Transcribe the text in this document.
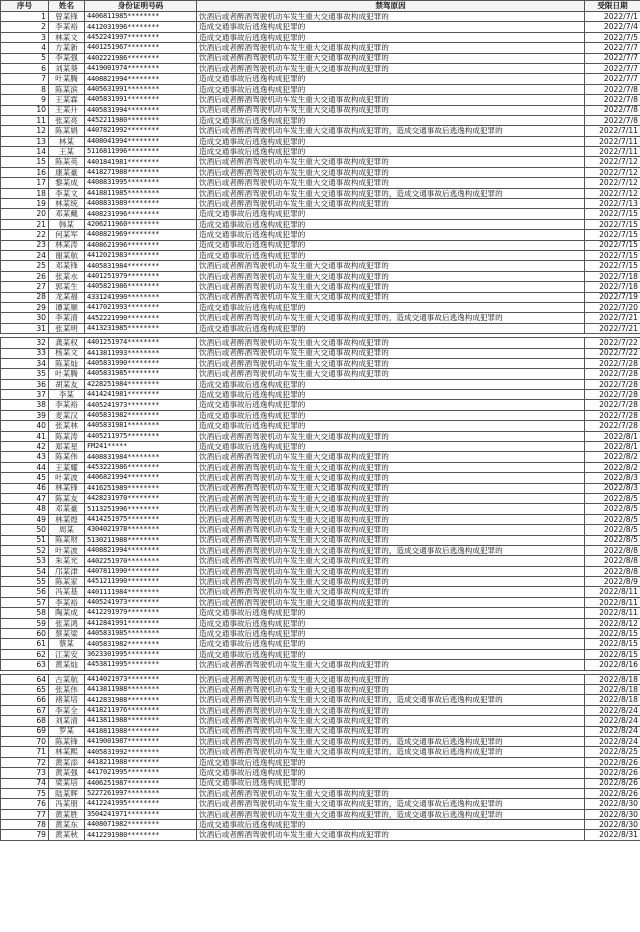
序号	姓名	身份证明号码	禁驾原因	受限日期
1	曾某锋	4406811985********	饮酒后或者醉酒驾驶机动车发生重大交通事故构成犯罪的	2022/7/1
2	李某裕	4412031996********	造成交通事故后逃逸构成犯罪的	2022/7/4
3	林某文	4452241997********	造成交通事故后逃逸构成犯罪的	2022/7/5
4	方某新	4401251967********	饮酒后或者醉酒驾驶机动车发生重大交通事故构成犯罪的	2022/7/7
5	李某强	4402221986********	饮酒后或者醉酒驾驶机动车发生重大交通事故构成犯罪的	2022/7/7
6	刘某葵	4419001974********	饮酒后或者醉酒驾驶机动车发生重大交通事故构成犯罪的	2022/7/7
7	叶某腾	4408821994********	造成交通事故后逃逸构成犯罪的	2022/7/7
8	陈某滨	4405631991********	造成交通事故后逃逸构成犯罪的	2022/7/8
9	王某霖	4405831991********	饮酒后或者醉酒驾驶机动车发生重大交通事故构成犯罪的	2022/7/8
10	王某升	4405831994********	饮酒后或者醉酒驾驶机动车发生重大交通事故构成犯罪的	2022/7/8
11	张某亮	4452211980********	造成交通事故后逃逸构成犯罪的	2022/7/8
12	陈某娟	4407821992********	饮酒后或者醉酒驾驶机动车发生重大交通事故构成犯罪的，造成交通事故后逃逸构成犯罪的	2022/7/11
13	林某	4408041994********	造成交通事故后逃逸构成犯罪的	2022/7/11
14	王某	5116811996********	造成交通事故后逃逸构成犯罪的	2022/7/11
15	陈某英	4401841981********	饮酒后或者醉酒驾驶机动车发生重大交通事故构成犯罪的	2022/7/12
16	康某豪	4418271988********	饮酒后或者醉酒驾驶机动车发生重大交通事故构成犯罪的	2022/7/12
17	黎某成	4408831995********	饮酒后或者醉酒驾驶机动车发生重大交通事故构成犯罪的	2022/7/12
18	李某文	4418811985********	饮酒后或者醉酒驾驶机动车发生重大交通事故构成犯罪的，造成交通事故后逃逸构成犯罪的	2022/7/12
19	林某统	4408831989********	饮酒后或者醉酒驾驶机动车发生重大交通事故构成犯罪的	2022/7/13
20	邓某戴	4408231996********	造成交通事故后逃逸构成犯罪的	2022/7/15
21	韩某	4206211960********	造成交通事故后逃逸构成犯罪的	2022/7/15
22	何某军	4408821969********	造成交通事故后逃逸构成犯罪的	2022/7/15
23	林某涛	4408621996********	造成交通事故后逃逸构成犯罪的	2022/7/15
24	谢某航	4412021983********	造成交通事故后逃逸构成犯罪的	2022/7/15
25	邓某锋	4405831984********	饮酒后或者醉酒驾驶机动车发生重大交通事故构成犯罪的	2022/7/15
26	张某水	4401251979********	饮酒后或者醉酒驾驶机动车发生重大交通事故构成犯罪的	2022/7/18
27	郭某生	4405821986********	饮酒后或者醉酒驾驶机动车发生重大交通事故构成犯罪的	2022/7/18
28	龙某福	4331241990********	饮酒后或者醉酒驾驶机动车发生重大交通事故构成犯罪的	2022/7/19
29	谭某顺	4417021993********	造成交通事故后逃逸构成犯罪的	2022/7/20
30	李某清	4452221990********	饮酒后或者醉酒驾驶机动车发生重大交通事故构成犯罪的，造成交通事故后逃逸构成犯罪的	2022/7/21
31	张某明	4413231985********	造成交通事故后逃逸构成犯罪的	2022/7/21

32	龚某权	4401251974********	饮酒后或者醉酒驾驶机动车发生重大交通事故构成犯罪的	2022/7/22
33	杨某文	4413811993********	饮酒后或者醉酒驾驶机动车发生重大交通事故构成犯罪的	2022/7/22
34	陈某灿	4405831990********	饮酒后或者醉酒驾驶机动车发生重大交通事故构成犯罪的	2022/7/28
35	叶某腾	4405831985********	饮酒后或者醉酒驾驶机动车发生重大交通事故构成犯罪的	2022/7/28
36	胡某友	4228251984********	造成交通事故后逃逸构成犯罪的	2022/7/28
37	李某	4414241981********	造成交通事故后逃逸构成犯罪的	2022/7/28
38	李某裕	4405241973********	造成交通事故后逃逸构成犯罪的	2022/7/28
39	麦某汉	4405831982********	造成交通事故后逃逸构成犯罪的	2022/7/28
40	张某林	4405831981********	造成交通事故后逃逸构成犯罪的	2022/7/28
41	陈某涛	4405211975********	饮酒后或者醉酒驾驶机动车发生重大交通事故构成犯罪的	2022/8/1
42	郑某星	FM241*****	造成交通事故后逃逸构成犯罪的	2022/8/1
43	陈某伟	4408831984********	饮酒后或者醉酒驾驶机动车发生重大交通事故构成犯罪的	2022/8/2
44	王某耀	4453221986********	饮酒后或者醉酒驾驶机动车发生重大交通事故构成犯罪的	2022/8/2
45	叶某波	4406821994********	饮酒后或者醉酒驾驶机动车发生重大交通事故构成犯罪的	2022/8/3
46	林某锋	4416251989********	饮酒后或者醉酒驾驶机动车发生重大交通事故构成犯罪的	2022/8/3
47	陈某友	4428231970********	饮酒后或者醉酒驾驶机动车发生重大交通事故构成犯罪的	2022/8/5
48	邓某豪	5113251996********	饮酒后或者醉酒驾驶机动车发生重大交通事故构成犯罪的	2022/8/5
49	林某煌	4414251975********	饮酒后或者醉酒驾驶机动车发生重大交通事故构成犯罪的	2022/8/5
50	周某	4304021978********	饮酒后或者醉酒驾驶机动车发生重大交通事故构成犯罪的	2022/8/5
51	陈某财	5130211988********	饮酒后或者醉酒驾驶机动车发生重大交通事故构成犯罪的	2022/8/5
52	叶某波	4408821994********	饮酒后或者醉酒驾驶机动车发生重大交通事故构成犯罪的，造成交通事故后逃逸构成犯罪的	2022/8/8
53	朱某光	4402251970********	饮酒后或者醉酒驾驶机动车发生重大交通事故构成犯罪的	2022/8/8
54	邝某津	4407811990********	饮酒后或者醉酒驾驶机动车发生重大交通事故构成犯罪的	2022/8/8
55	陈某家	4451211990********	饮酒后或者醉酒驾驶机动车发生重大交通事故构成犯罪的	2022/8/9
56	冯某基	4401111984********	饮酒后或者醉酒驾驶机动车发生重大交通事故构成犯罪的	2022/8/11
57	李某裕	4405241973********	饮酒后或者醉酒驾驶机动车发生重大交通事故构成犯罪的	2022/8/11
58	陶某成	4412291979********	造成交通事故后逃逸构成犯罪的	2022/8/11
59	张某鸿	4412841991********	造成交通事故后逃逸构成犯罪的	2022/8/12
60	蔡某梁	4405831985********	造成交通事故后逃逸构成犯罪的	2022/8/15
61	蔡某	4405831982********	造成交通事故后逃逸构成犯罪的	2022/8/15
62	江某安	3623301995********	造成交通事故后逃逸构成犯罪的	2022/8/15
63	黄某灿	4453811995********	饮酒后或者醉酒驾驶机动车发生重大交通事故构成犯罪的	2022/8/16

64	古某航	4414021973********	饮酒后或者醉酒驾驶机动车发生重大交通事故构成犯罪的	2022/8/18
65	张某伟	4413811988********	饮酒后或者醉酒驾驶机动车发生重大交通事故构成犯罪的	2022/8/18
66	褚某培	4412831988********	饮酒后或者醉酒驾驶机动车发生重大交通事故构成犯罪的，造成交通事故后逃逸构成犯罪的	2022/8/18
67	李某全	4418211976********	饮酒后或者醉酒驾驶机动车发生重大交通事故构成犯罪的	2022/8/24
68	刘某清	4413811988********	饮酒后或者醉酒驾驶机动车发生重大交通事故构成犯罪的	2022/8/24
69	罗某	4418811988********	饮酒后或者醉酒驾驶机动车发生重大交通事故构成犯罪的	2022/8/24
70	陈某锋	4419001987********	饮酒后或者醉酒驾驶机动车发生重大交通事故构成犯罪的，造成交通事故后逃逸构成犯罪的	2022/8/24
71	林某熙	4405831992********	饮酒后或者醉酒驾驶机动车发生重大交通事故构成犯罪的，造成交通事故后逃逸构成犯罪的	2022/8/25
72	黄某添	4418211988********	造成交通事故后逃逸构成犯罪的	2022/8/26
73	黄某强	4417021995********	造成交通事故后逃逸构成犯罪的	2022/8/26
74	梁某培	4406251987********	造成交通事故后逃逸构成犯罪的	2022/8/26
75	陆某辉	5227261997********	饮酒后或者醉酒驾驶机动车发生重大交通事故构成犯罪的	2022/8/26
76	冯某朋	4412241995********	饮酒后或者醉酒驾驶机动车发生重大交通事故构成犯罪的，造成交通事故后逃逸构成犯罪的	2022/8/30
77	黄某胜	3504241971********	饮酒后或者醉酒驾驶机动车发生重大交通事故构成犯罪的，造成交通事故后逃逸构成犯罪的	2022/8/30
78	黄某东	4408071982********	造成交通事故后逃逸构成犯罪的	2022/8/30
79	黄某秋	4412291980********	饮酒后或者醉酒驾驶机动车发生重大交通事故构成犯罪的	2022/8/31
